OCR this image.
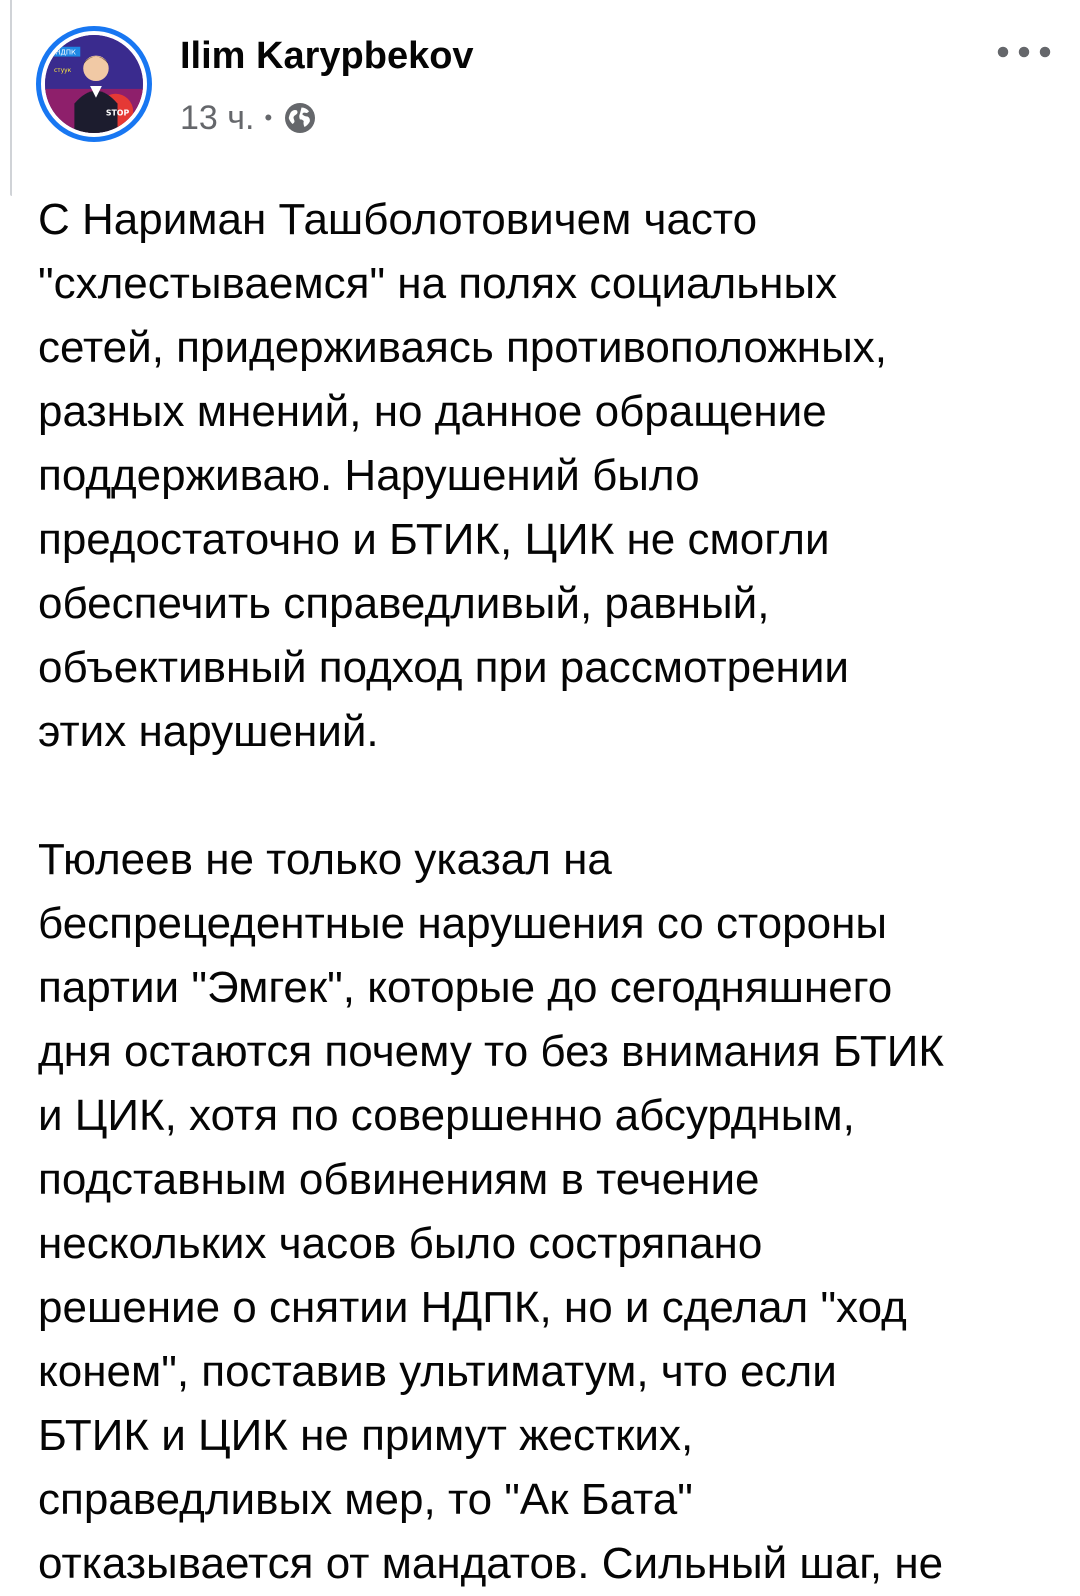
НДПК
стуук
STOP
Ilim Karypbekov
13 ч. •

С Нариман Ташболотовичем часто
"схлестываемся" на полях социальных
сетей, придерживаясь противоположных,
разных мнений, но данное обращение
поддерживаю. Нарушений было
предостаточно и БТИК, ЦИК не смогли
обеспечить справедливый, равный,
объективный подход при рассмотрении
этих нарушений.

Тюлеев не только указал на
беспрецедентные нарушения со стороны
партии "Эмгек", которые до сегодняшнего
дня остаются почему то без внимания БТИК
и ЦИК, хотя по совершенно абсурдным,
подставным обвинениям в течение
нескольких часов было состряпано
решение о снятии НДПК, но и сделал "ход
конем", поставив ультиматум, что если
БТИК и ЦИК не примут жестких,
справедливых мер, то "Ак Бата"
отказывается от мандатов. Сильный шаг, не
